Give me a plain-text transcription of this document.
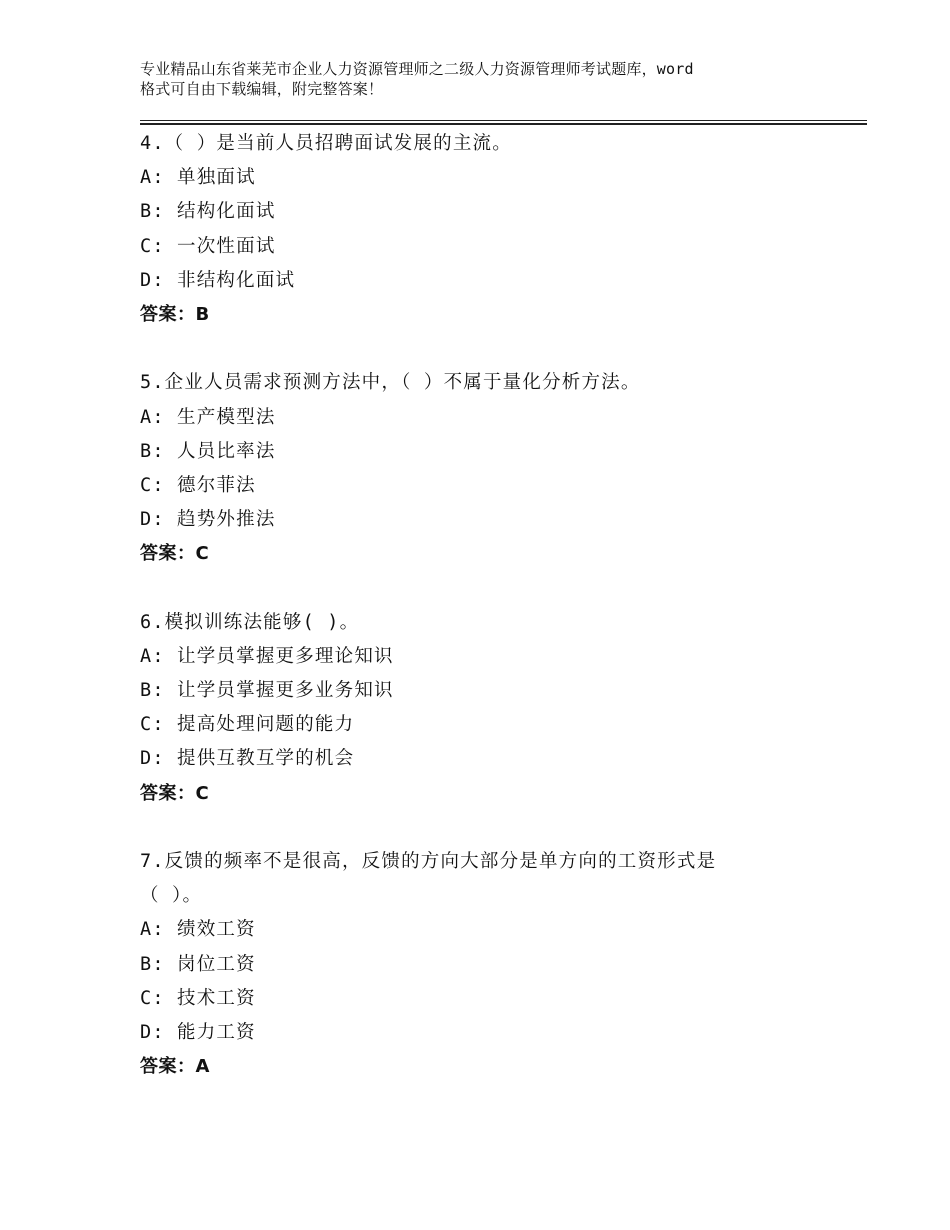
专业精品山东省莱芜市企业人力资源管理师之二级人力资源管理师考试题库，word
格式可自由下载编辑，附完整答案！
4.（ ）是当前人员招聘面试发展的主流。
A: 单独面试
B: 结构化面试
C: 一次性面试
D: 非结构化面试
答案：B
5.企业人员需求预测方法中，（ ）不属于量化分析方法。
A: 生产模型法
B: 人员比率法
C: 德尔菲法
D: 趋势外推法
答案：C
6.模拟训练法能够( )。
A: 让学员掌握更多理论知识
B: 让学员掌握更多业务知识
C: 提高处理问题的能力
D: 提供互教互学的机会
答案：C
7.反馈的频率不是很高，反馈的方向大部分是单方向的工资形式是
（ ）。
A: 绩效工资
B: 岗位工资
C: 技术工资
D: 能力工资
答案：A
